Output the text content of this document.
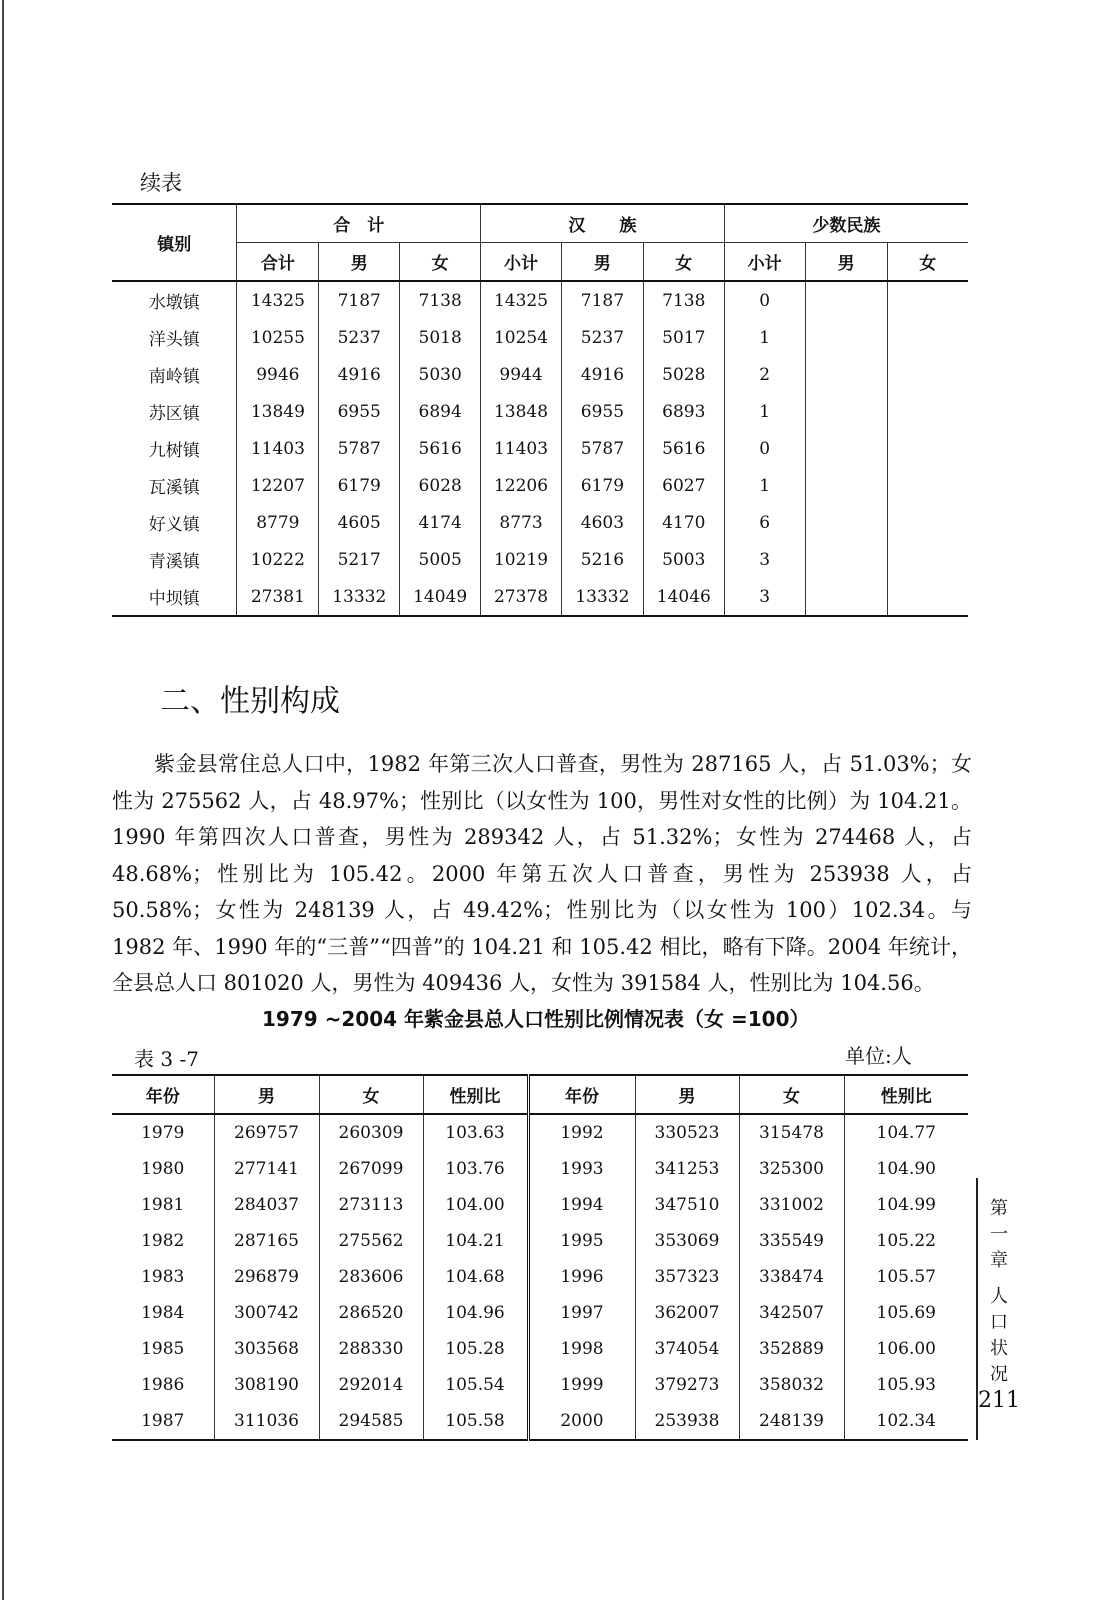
续表
镇别	合　计			汉　　族			少数民族		
	合计	男	女	小计	男	女	小计	男	女
水墩镇	14325	7187	7138	14325	7187	7138	0		
洋头镇	10255	5237	5018	10254	5237	5017	1		
南岭镇	9946	4916	5030	9944	4916	5028	2		
苏区镇	13849	6955	6894	13848	6955	6893	1		
九树镇	11403	5787	5616	11403	5787	5616	0		
瓦溪镇	12207	6179	6028	12206	6179	6027	1		
好义镇	8779	4605	4174	8773	4603	4170	6		
青溪镇	10222	5217	5005	10219	5216	5003	3		
中坝镇	27381	13332	14049	27378	13332	14046	3		
二、性别构成
紫金县常住总人口中，1982 年第三次人口普查，男性为 287165 人，占 51.03%；女性为 275562 人，占 48.97%；性别比（以女性为 100，男性对女性的比例）为 104.21。1990 年第四次人口普查，男性为 289342 人，占 51.32%；女性为 274468 人，占 48.68%；性别比为 105.42。2000 年第五次人口普查，男性为 253938 人，占 50.58%；女性为 248139 人，占 49.42%；性别比为（以女性为 100）102.34。与 1982 年、1990 年的“三普”“四普”的 104.21 和 105.42 相比，略有下降。2004 年统计，全县总人口 801020 人，男性为 409436 人，女性为 391584 人，性别比为 104.56。
1979 ~2004 年紫金县总人口性别比例情况表（女 =100）
表 3 -7	单位:人
年份	男	女	性别比	年份	男	女	性别比
1979	269757	260309	103.63	1992	330523	315478	104.77
1980	277141	267099	103.76	1993	341253	325300	104.90
1981	284037	273113	104.00	1994	347510	331002	104.99
1982	287165	275562	104.21	1995	353069	335549	105.22
1983	296879	283606	104.68	1996	357323	338474	105.57
1984	300742	286520	104.96	1997	362007	342507	105.69
1985	303568	288330	105.28	1998	374054	352889	106.00
1986	308190	292014	105.54	1999	379273	358032	105.93
1987	311036	294585	105.58	2000	253938	248139	102.34
第
一
章
人
口
状
况
211
